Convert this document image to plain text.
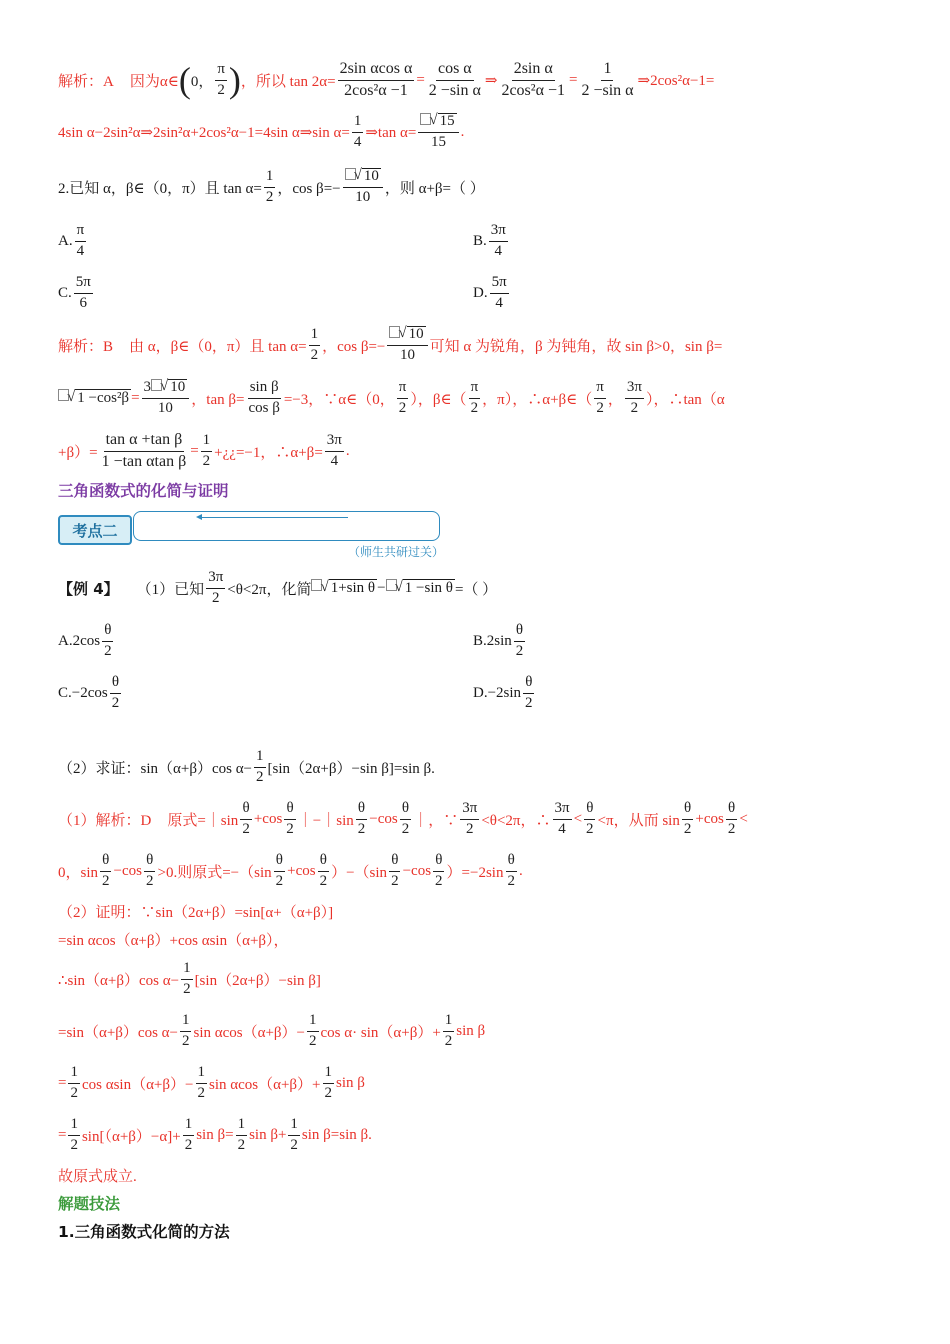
解析：A 因为α∈ ( 0， $\frac{\pi}{2}$ ) ，所以 $\tan 2\alpha= \frac{\text{2sin αcos α}}{\text{2cos²α −1}} = \frac{\text{cos α}}{\text{2 −sin α}}$ ⇒ $\frac{\text{2sin α}}{\text{2cos²α −1}} = \frac{1}{\text{2 −sin α}}$ ⇒2cos²α−1=
4sin α−2sin²α⇒2sin²α+2cos²α−1=4sin α⇒sin $\alpha= \frac{1}{4}$ ⇒tan $\alpha= \frac{√ 15}{15}$ .
2.已知 α，β∈（0，π）且 $\tan \alpha= \frac{1}{2}$ ，$\cos \beta=- \frac{√ 10}{10}$ ，则 α+β=（ ）
A. $\frac{\pi}{4}$	B. $\frac{3\pi}{4}$
C. $\frac{5\pi}{6}$	D. $\frac{5\pi}{4}$
解析：B 由 α，β∈（0，π）且 $\tan \alpha= \frac{1}{2}$ ，$\cos \beta=- \frac{√ 10}{10}$ 可知 α 为锐角，β 为钝角，故 sin β>0，sin β=
√ $1 -\cos^2\beta = \frac{3 √ 10}{10}$ ，$\tan \beta= \frac{\text{sin β}}{\text{cos β}} =-3$，∵α∈（0， $\frac{\pi}{2}$ ），β∈（ $\frac{\pi}{2}$ ，π），∴α+β∈（ $\frac{\pi}{2}$ ， $\frac{3\pi}{2}$ ），∴tan（α
$+\beta)= \frac{\text{tan α +tan β}}{\text{1 −tan αtan β}} = \frac{1}{2}$ +¿¿=−1，∴α+β= $\frac{3\pi}{4}$ .
三角函数式的化简与证明
考点二
（师生共研过关）
【例 4】 （1）已知 $\frac{3\pi}{2} <\theta<2\pi$，化简 √ 1+sin θ − √ 1 −sin θ =（ ）
$A.2\cos \frac{\theta}{2}$	$B.2\sin \frac{\theta}{2}$
$C.-2\cos \frac{\theta}{2}$	$D.-2\sin \frac{\theta}{2}$
（2）求证：sin（α+β）cos $\alpha- \frac{1}{2} [\sin(2\alpha+\beta)-\sin$ β]=sin β.
（1）解析：D 原式=｜sin $\frac{\theta}{2} + \cos \frac{\theta}{2}$ ｜−｜sin $\frac{\theta}{2} - \cos \frac{\theta}{2}$ ｜，∵ $\frac{3\pi}{2} <\theta<2\pi$，∴ $\frac{3\pi}{4} < \frac{\theta}{2} <\pi$，从而 $\sin \frac{\theta}{2} + \cos \frac{\theta}{2}$ <
0，$\sin \frac{\theta}{2} - \cos \frac{\theta}{2} >0$.则原式$=-(\sin \frac{\theta}{2} + \cos \frac{\theta}{2} )-(\sin \frac{\theta}{2} - \cos \frac{\theta}{2} )=-2\sin \frac{\theta}{2}$ .
（2）证明：∵sin（2α+β）=sin[α+（α+β）]
=sin αcos（α+β）+cos αsin（α+β），
∴sin（α+β）cos $\alpha- \frac{1}{2} [\sin(2\alpha+\beta)-\sin$ β]
=sin（α+β）cos $\alpha- \frac{1}{2}$ $\sin \alpha\cos(\alpha+\beta)- \frac{1}{2}$ $\cos \alpha\cdot \sin(\alpha+\beta)+ \frac{1}{2}$ sin β
= $\frac{1}{2}$ $\cos \alpha\sin(\alpha+\beta)- \frac{1}{2}$ $\sin \alpha\cos(\alpha+\beta)+ \frac{1}{2}$ sin β
= $\frac{1}{2} \sin[(\alpha+\beta)-\alpha]+ \frac{1}{2}$ $\sin \beta= \frac{1}{2}$ $\sin \beta+ \frac{1}{2}$ sin β=sin β.
故原式成立.
解题技法
1.三角函数式化简的方法
